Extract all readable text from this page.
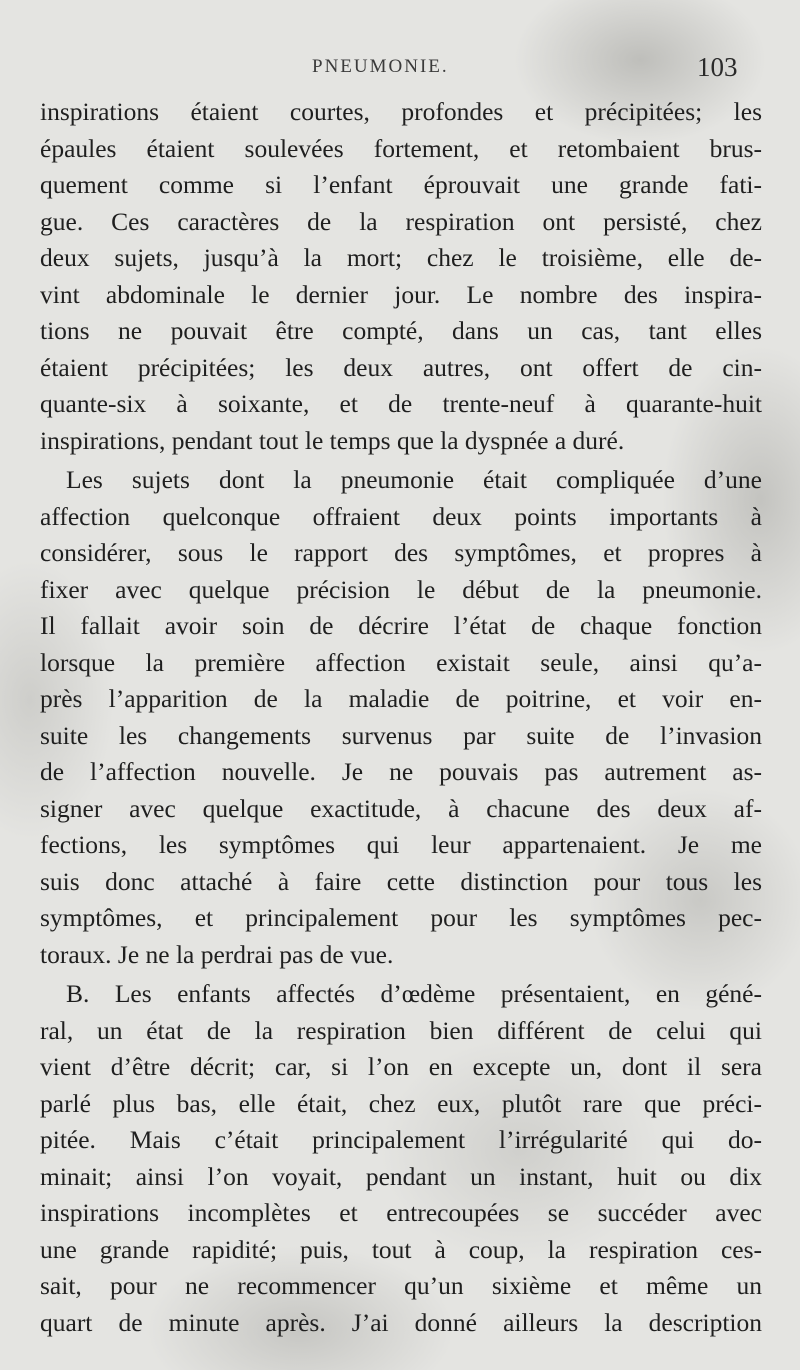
PNEUMONIE.	103
inspirations étaient courtes, profondes et précipitées; les
épaules étaient soulevées fortement, et retombaient brus-
quement comme si l’enfant éprouvait une grande fati-
gue. Ces caractères de la respiration ont persisté, chez
deux sujets, jusqu’à la mort; chez le troisième, elle de-
vint abdominale le dernier jour. Le nombre des inspira-
tions ne pouvait être compté, dans un cas, tant elles
étaient précipitées; les deux autres, ont offert de cin-
quante-six à soixante, et de trente-neuf à quarante-huit
inspirations, pendant tout le temps que la dyspnée a duré.
Les sujets dont la pneumonie était compliquée d’une
affection quelconque offraient deux points importants à
considérer, sous le rapport des symptômes, et propres à
fixer avec quelque précision le début de la pneumonie.
Il fallait avoir soin de décrire l’état de chaque fonction
lorsque la première affection existait seule, ainsi qu’a-
près l’apparition de la maladie de poitrine, et voir en-
suite les changements survenus par suite de l’invasion
de l’affection nouvelle. Je ne pouvais pas autrement as-
signer avec quelque exactitude, à chacune des deux af-
fections, les symptômes qui leur appartenaient. Je me
suis donc attaché à faire cette distinction pour tous les
symptômes, et principalement pour les symptômes pec-
toraux. Je ne la perdrai pas de vue.
B. Les enfants affectés d’œdème présentaient, en géné-
ral, un état de la respiration bien différent de celui qui
vient d’être décrit; car, si l’on en excepte un, dont il sera
parlé plus bas, elle était, chez eux, plutôt rare que préci-
pitée. Mais c’était principalement l’irrégularité qui do-
minait; ainsi l’on voyait, pendant un instant, huit ou dix
inspirations incomplètes et entrecoupées se succéder avec
une grande rapidité; puis, tout à coup, la respiration ces-
sait, pour ne recommencer qu’un sixième et même un
quart de minute après. J’ai donné ailleurs la description
